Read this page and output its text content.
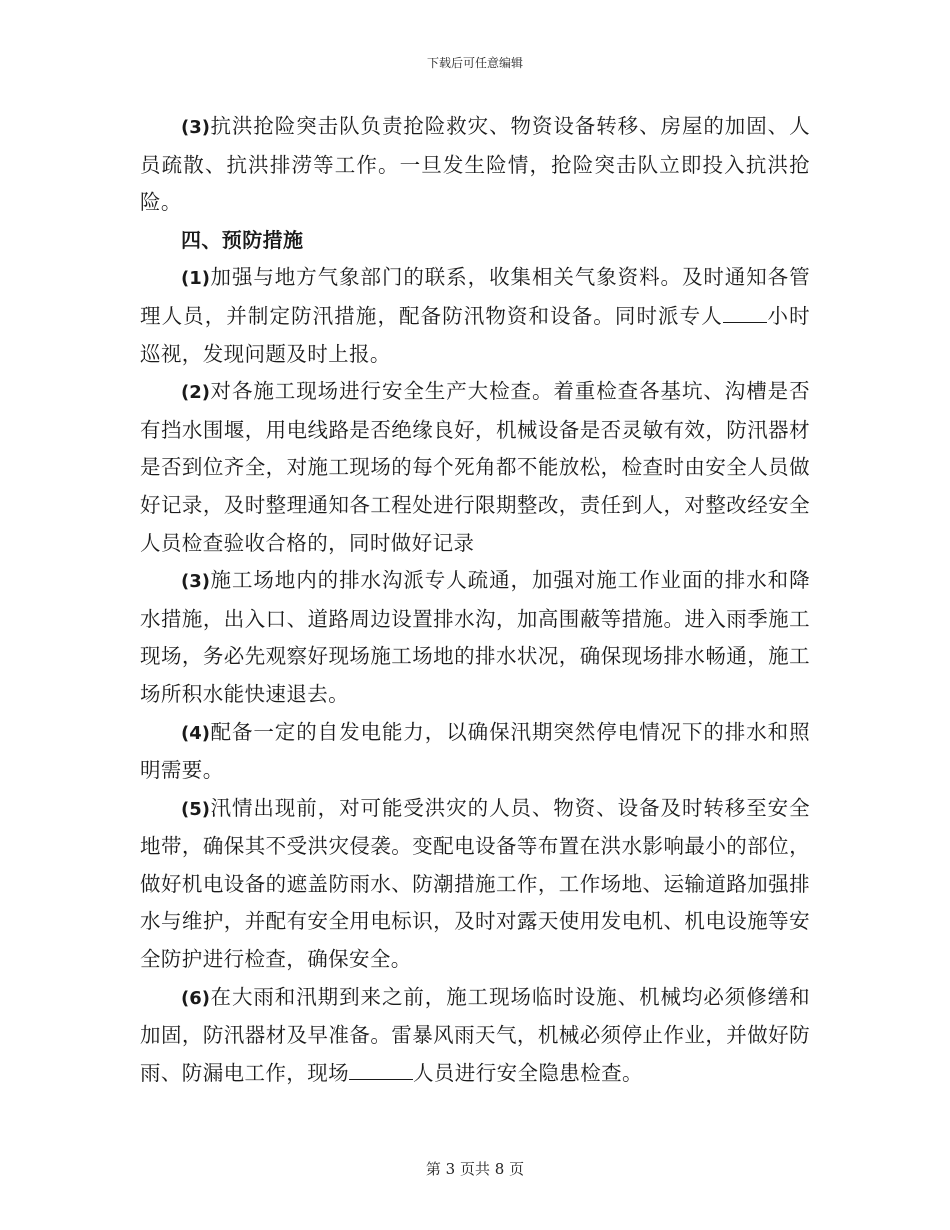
下载后可任意编辑

(3)抗洪抢险突击队负责抢险救灾、物资设备转移、房屋的加固、人员疏散、抗洪排涝等工作。一旦发生险情，抢险突击队立即投入抗洪抢险。

四、预防措施

(1)加强与地方气象部门的联系，收集相关气象资料。及时通知各管理人员，并制定防汛措施，配备防汛物资和设备。同时派专人 小时巡视，发现问题及时上报。

(2)对各施工现场进行安全生产大检查。着重检查各基坑、沟槽是否有挡水围堰，用电线路是否绝缘良好，机械设备是否灵敏有效，防汛器材是否到位齐全，对施工现场的每个死角都不能放松，检查时由安全人员做好记录，及时整理通知各工程处进行限期整改，责任到人，对整改经安全人员检查验收合格的，同时做好记录

(3)施工场地内的排水沟派专人疏通，加强对施工作业面的排水和降水措施，出入口、道路周边设置排水沟，加高围蔽等措施。进入雨季施工现场，务必先观察好现场施工场地的排水状况，确保现场排水畅通，施工场所积水能快速退去。

(4)配备一定的自发电能力，以确保汛期突然停电情况下的排水和照明需要。

(5)汛情出现前，对可能受洪灾的人员、物资、设备及时转移至安全地带，确保其不受洪灾侵袭。变配电设备等布置在洪水影响最小的部位，做好机电设备的遮盖防雨水、防潮措施工作，工作场地、运输道路加强排水与维护，并配有安全用电标识，及时对露天使用发电机、机电设施等安全防护进行检查，确保安全。

(6)在大雨和汛期到来之前，施工现场临时设施、机械均必须修缮和加固，防汛器材及早准备。雷暴风雨天气，机械必须停止作业，并做好防雨、防漏电工作，现场	人员进行安全隐患检查。

第 3 页共 8 页
